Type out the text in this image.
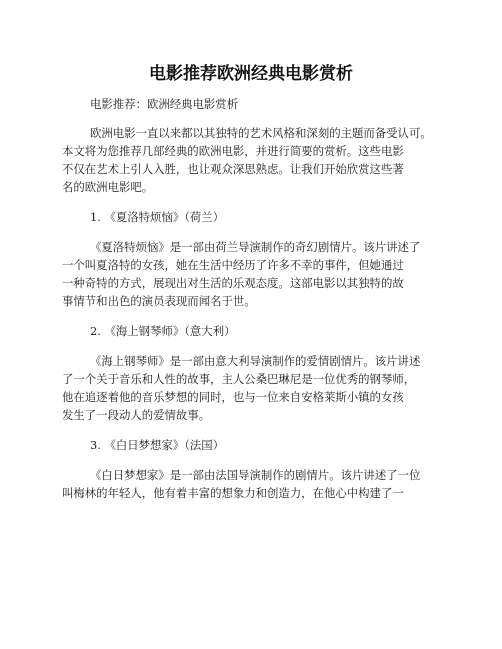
电影推荐欧洲经典电影赏析
电影推荐：欧洲经典电影赏析
欧洲电影一直以来都以其独特的艺术风格和深刻的主题而备受认可。
本文将为您推荐几部经典的欧洲电影，并进行简要的赏析。这些电影
不仅在艺术上引人入胜，也让观众深思熟虑。让我们开始欣赏这些著
名的欧洲电影吧。
1. 《夏洛特烦恼》（荷兰）
《夏洛特烦恼》是一部由荷兰导演制作的奇幻剧情片。该片讲述了
一个叫夏洛特的女孩，她在生活中经历了许多不幸的事件，但她通过
一种奇特的方式，展现出对生活的乐观态度。这部电影以其独特的故
事情节和出色的演员表现而闻名于世。
2. 《海上钢琴师》（意大利）
《海上钢琴师》是一部由意大利导演制作的爱情剧情片。该片讲述
了一个关于音乐和人性的故事，主人公桑巴琳尼是一位优秀的钢琴师，
他在追逐着他的音乐梦想的同时，也与一位来自安格莱斯小镇的女孩
发生了一段动人的爱情故事。
3. 《白日梦想家》（法国）
《白日梦想家》是一部由法国导演制作的剧情片。该片讲述了一位
叫梅林的年轻人，他有着丰富的想象力和创造力，在他心中构建了一
